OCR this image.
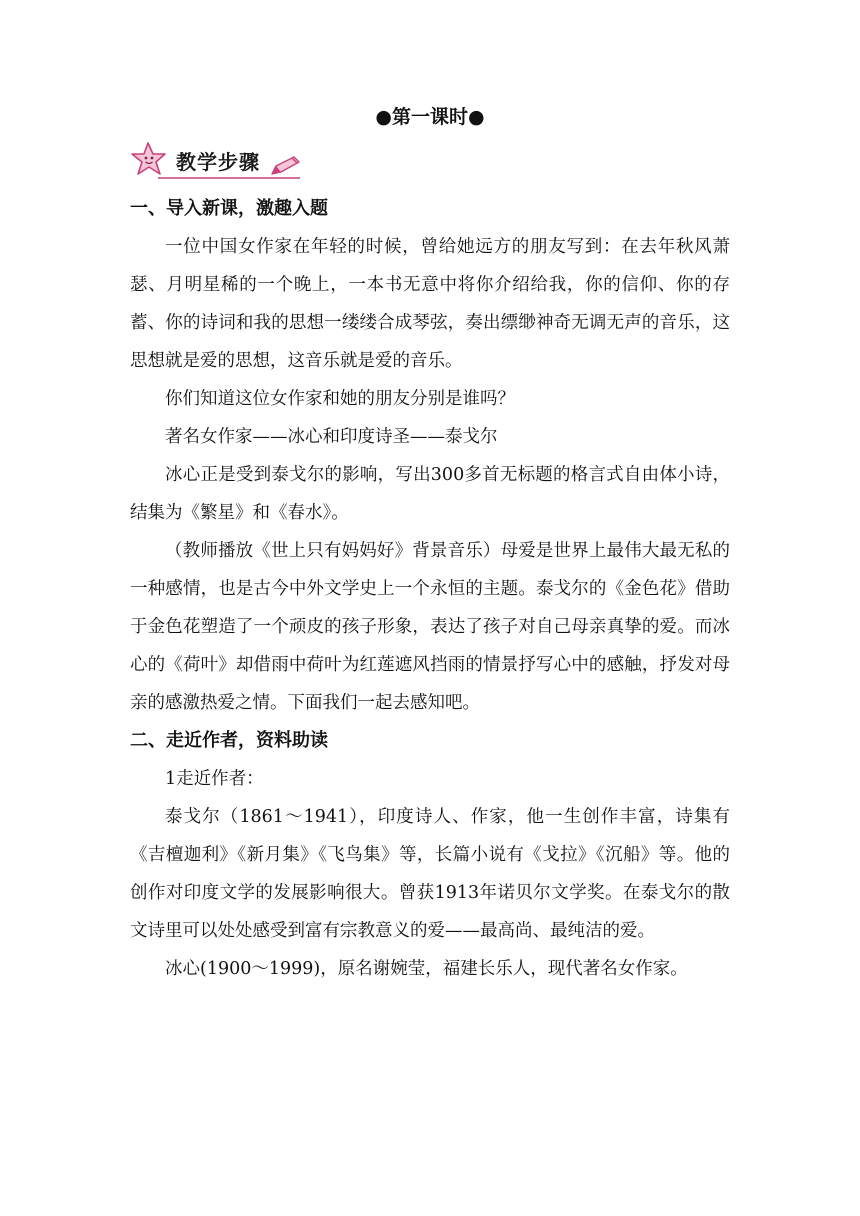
●第一课时●
教学步骤

一、导入新课，激趣入题

一位中国女作家在年轻的时候，曾给她远方的朋友写到：在去年秋风萧瑟、月明星稀的一个晚上，一本书无意中将你介绍给我，你的信仰、你的存蓄、你的诗词和我的思想一缕缕合成琴弦，奏出缥缈神奇无调无声的音乐，这思想就是爱的思想，这音乐就是爱的音乐。

你们知道这位女作家和她的朋友分别是谁吗？

著名女作家——冰心和印度诗圣——泰戈尔

冰心正是受到泰戈尔的影响，写出300多首无标题的格言式自由体小诗，结集为《繁星》和《春水》。

（教师播放《世上只有妈妈好》背景音乐）母爱是世界上最伟大最无私的一种感情，也是古今中外文学史上一个永恒的主题。泰戈尔的《金色花》借助于金色花塑造了一个顽皮的孩子形象，表达了孩子对自己母亲真挚的爱。而冰心的《荷叶》却借雨中荷叶为红莲遮风挡雨的情景抒写心中的感触，抒发对母亲的感激热爱之情。下面我们一起去感知吧。

二、走近作者，资料助读

1走近作者：

泰戈尔（1861～1941），印度诗人、作家，他一生创作丰富，诗集有《吉檀迦利》《新月集》《飞鸟集》等，长篇小说有《戈拉》《沉船》等。他的创作对印度文学的发展影响很大。曾获1913年诺贝尔文学奖。在泰戈尔的散文诗里可以处处感受到富有宗教意义的爱——最高尚、最纯洁的爱。

冰心(1900～1999)，原名谢婉莹，福建长乐人，现代著名女作家。
